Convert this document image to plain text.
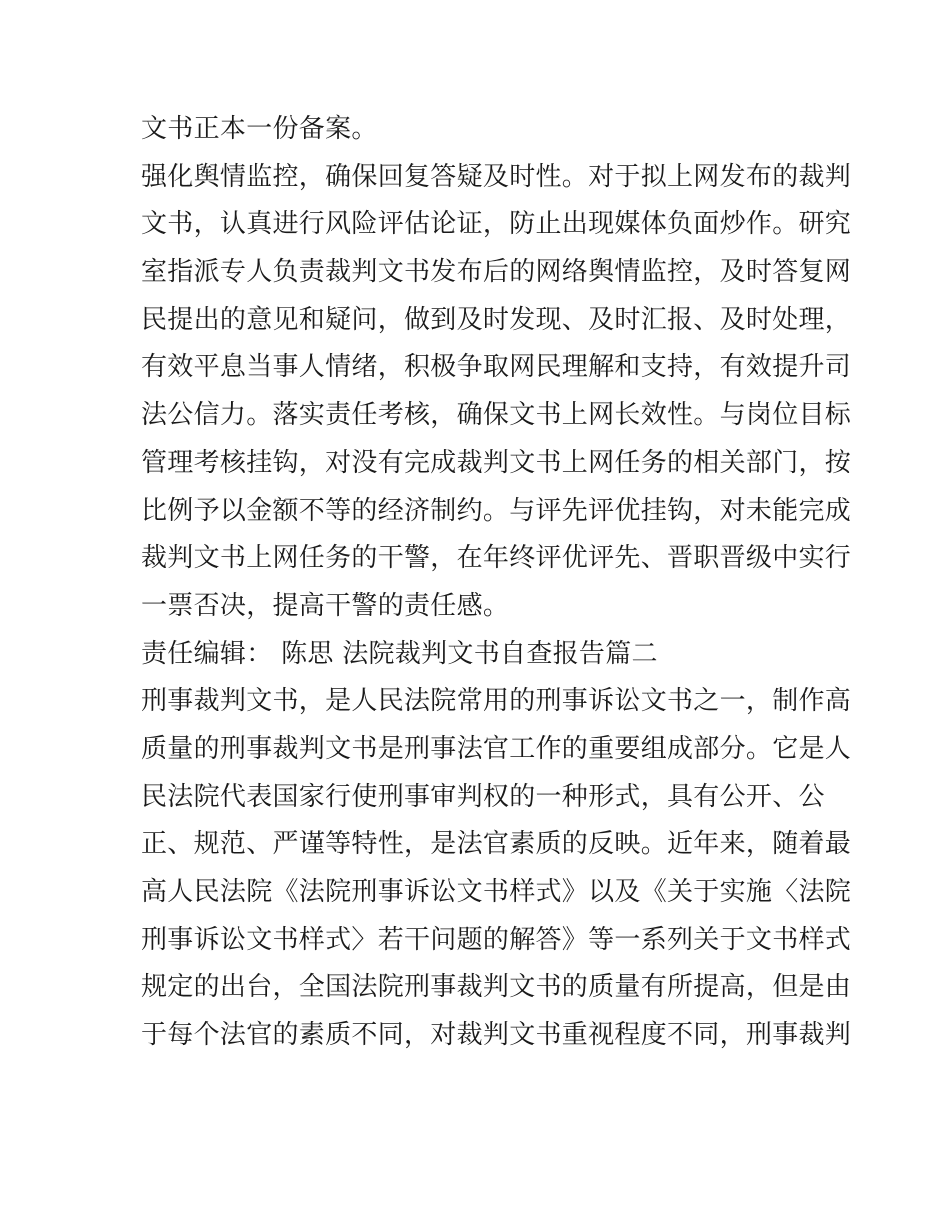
文书正本一份备案。
强化舆情监控，确保回复答疑及时性。对于拟上网发布的裁判
文书，认真进行风险评估论证，防止出现媒体负面炒作。研究
室指派专人负责裁判文书发布后的网络舆情监控，及时答复网
民提出的意见和疑问，做到及时发现、及时汇报、及时处理，
有效平息当事人情绪，积极争取网民理解和支持，有效提升司
法公信力。落实责任考核，确保文书上网长效性。与岗位目标
管理考核挂钩，对没有完成裁判文书上网任务的相关部门，按
比例予以金额不等的经济制约。与评先评优挂钩，对未能完成
裁判文书上网任务的干警，在年终评优评先、晋职晋级中实行
一票否决，提高干警的责任感。
责任编辑： 陈思 法院裁判文书自查报告篇二
刑事裁判文书，是人民法院常用的刑事诉讼文书之一，制作高
质量的刑事裁判文书是刑事法官工作的重要组成部分。它是人
民法院代表国家行使刑事审判权的一种形式，具有公开、公
正、规范、严谨等特性，是法官素质的反映。近年来，随着最
高人民法院《法院刑事诉讼文书样式》以及《关于实施〈法院
刑事诉讼文书样式〉若干问题的解答》等一系列关于文书样式
规定的出台，全国法院刑事裁判文书的质量有所提高，但是由
于每个法官的素质不同，对裁判文书重视程度不同，刑事裁判
